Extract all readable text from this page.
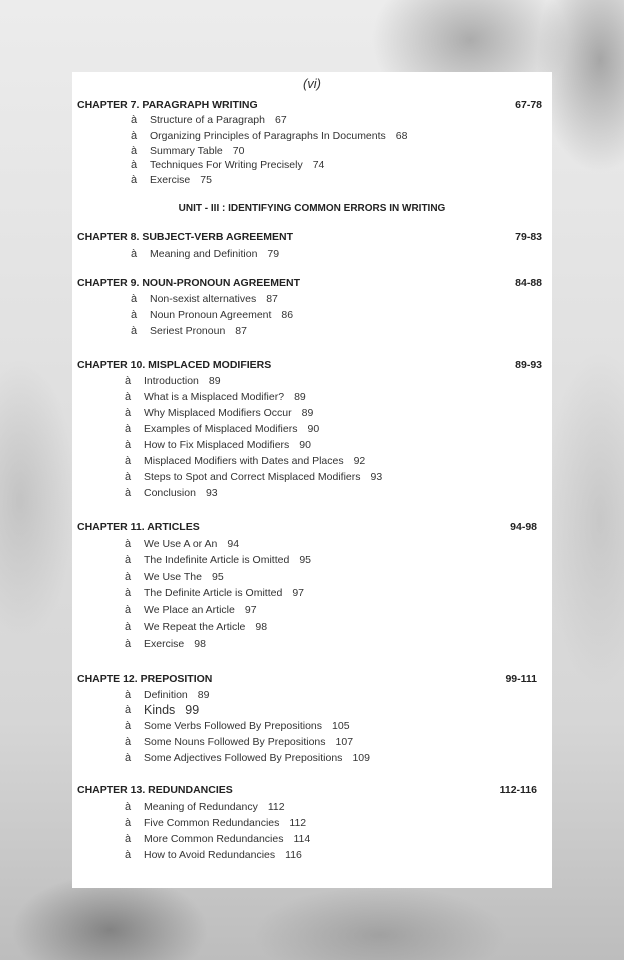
(vi)
CHAPTER 7. PARAGRAPH WRITING	67-78
à Structure of a Paragraph 67
à Organizing Principles of Paragraphs In Documents 68
à Summary Table 70
à Techniques For Writing Precisely 74
à Exercise 75
UNIT - III : IDENTIFYING COMMON ERRORS IN WRITING
CHAPTER 8. SUBJECT-VERB AGREEMENT	79-83
à Meaning and Definition 79
CHAPTER 9. NOUN-PRONOUN AGREEMENT	84-88
à Non-sexist alternatives 87
à Noun Pronoun Agreement 86
à Seriest Pronoun 87
CHAPTER 10. MISPLACED MODIFIERS	89-93
à Introduction 89
à What is a Misplaced Modifier? 89
à Why Misplaced Modifiers Occur 89
à Examples of Misplaced Modifiers 90
à How to Fix Misplaced Modifiers 90
à Misplaced Modifiers with Dates and Places 92
à Steps to Spot and Correct Misplaced Modifiers 93
à Conclusion 93
CHAPTER 11. ARTICLES	94-98
à We Use A or An 94
à The Indefinite Article is Omitted 95
à We Use The 95
à The Definite Article is Omitted 97
à We Place an Article 97
à We Repeat the Article 98
à Exercise 98
CHAPTE 12. PREPOSITION	99-111
à Definition 89
à Kinds 99
à Some Verbs Followed By Prepositions 105
à Some Nouns Followed By Prepositions 107
à Some Adjectives Followed By Prepositions 109
CHAPTER 13. REDUNDANCIES	112-116
à Meaning of Redundancy 112
à Five Common Redundancies 112
à More Common Redundancies 114
à How to Avoid Redundancies 116
